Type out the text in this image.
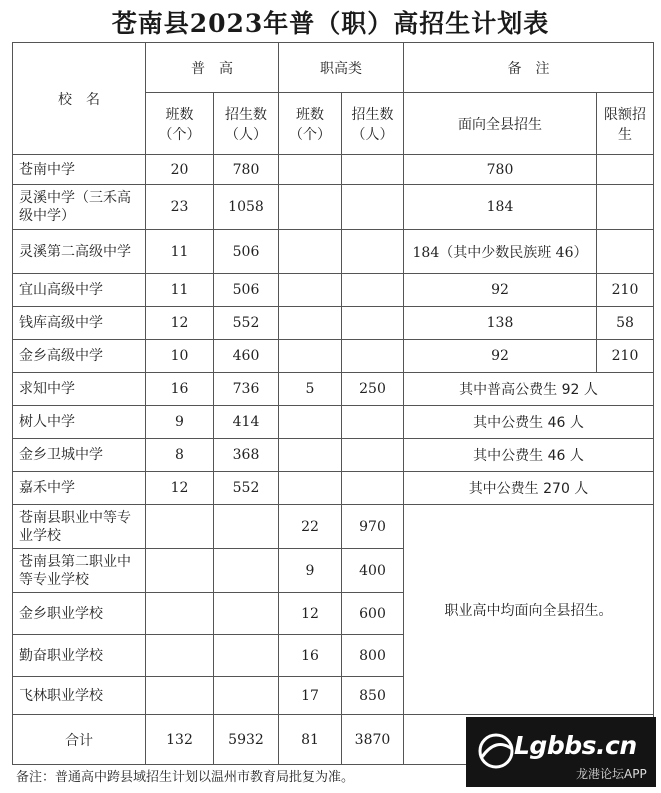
苍南县2023年普（职）高招生计划表
校　名	普　高		职高类		备　注	
	班数（个）	招生数（人）	班数（个）	招生数（人）	面向全县招生	限额招生
苍南中学	20	780			780	
灵溪中学（三禾高级中学）	23	1058			184	
灵溪第二高级中学	11	506			184（其中少数民族班 46）	
宜山高级中学	11	506			92	210
钱库高级中学	12	552			138	58
金乡高级中学	10	460			92	210
求知中学	16	736	5	250	其中普高公费生 92 人	
树人中学	9	414			其中公费生 46 人	
金乡卫城中学	8	368			其中公费生 46 人	
嘉禾中学	12	552			其中公费生 270 人	
苍南县职业中等专业学校			22	970	职业高中均面向全县招生。	
苍南县第二职业中等专业学校			9	400		
金乡职业学校			12	600		
勤奋职业学校			16	800		
飞林职业学校			17	850		
合计	132	5932	81	3870		
备注：普通高中跨县域招生计划以温州市教育局批复为准。
Lgbbs.cn
龙港论坛APP
